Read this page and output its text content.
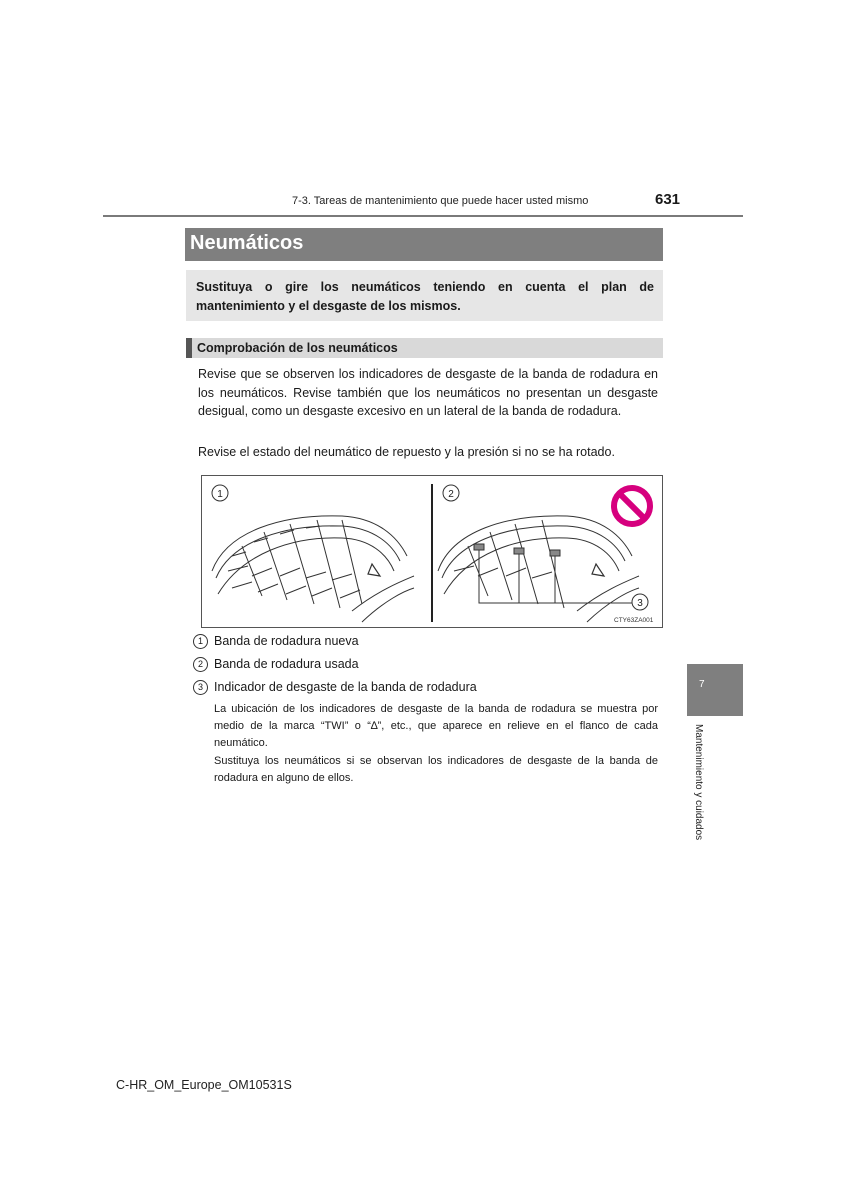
7-3. Tareas de mantenimiento que puede hacer usted mismo	631
Neumáticos
Sustituya o gire los neumáticos teniendo en cuenta el plan de mantenimiento y el desgaste de los mismos.
Comprobación de los neumáticos
Revise que se observen los indicadores de desgaste de la banda de rodadura en los neumáticos. Revise también que los neumáticos no presentan un desgaste desigual, como un desgaste excesivo en un lateral de la banda de rodadura.
Revise el estado del neumático de repuesto y la presión si no se ha rotado.
1	2
3
CTY63ZA001
1 Banda de rodadura nueva
2 Banda de rodadura usada
3 Indicador de desgaste de la banda de rodadura
La ubicación de los indicadores de desgaste de la banda de rodadura se muestra por medio de la marca “TWI” o “∆”, etc., que aparece en relieve en el flanco de cada neumático.
Sustituya los neumáticos si se observan los indicadores de desgaste de la banda de rodadura en alguno de ellos.
7
Mantenimiento y cuidados
C-HR_OM_Europe_OM10531S
